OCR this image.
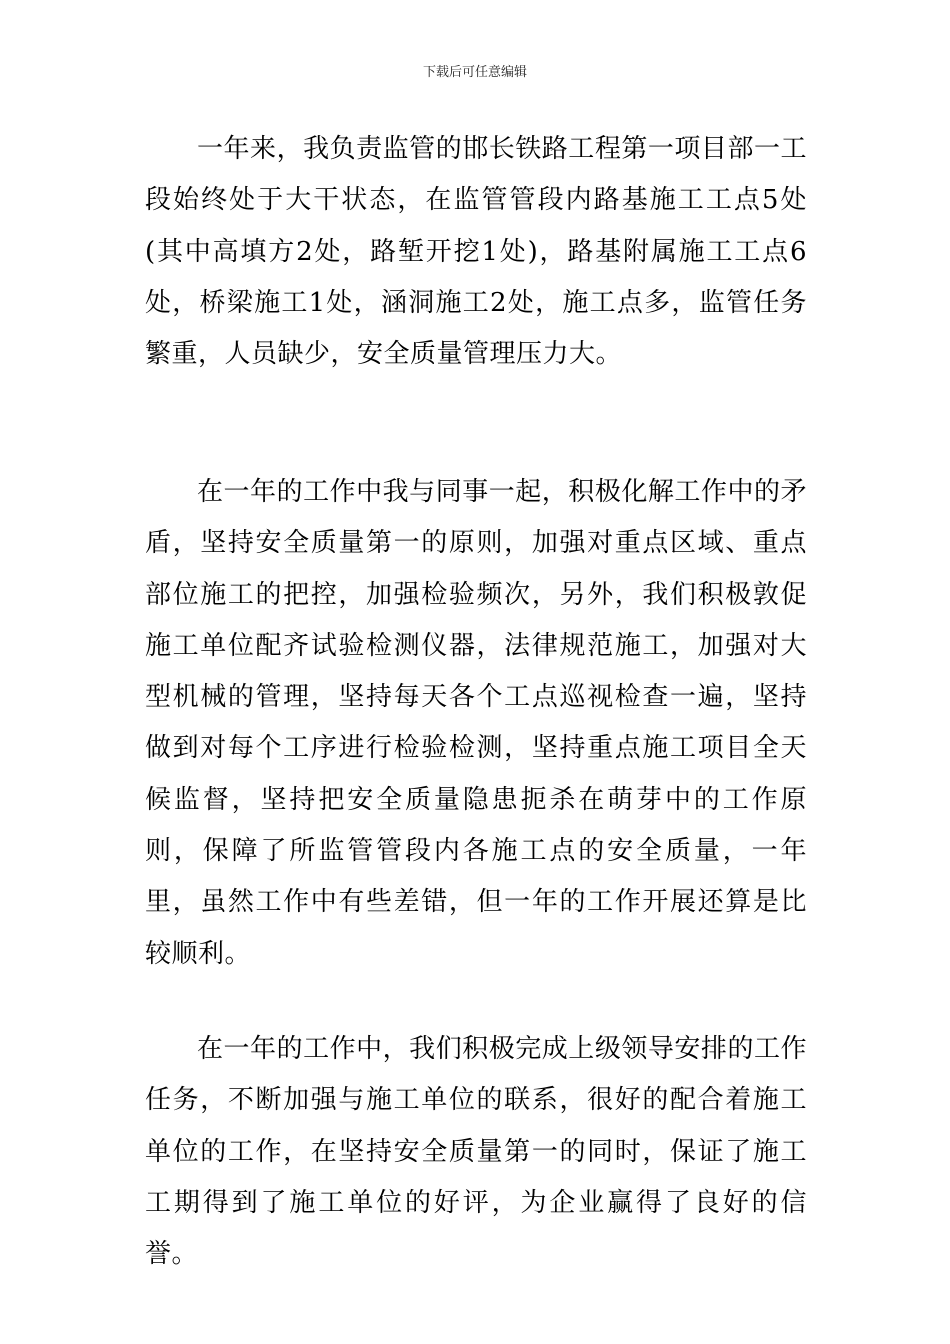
下载后可任意编辑

一年来，我负责监管的邯长铁路工程第一项目部一工段始终处于大干状态，在监管管段内路基施工工点5处(其中高填方2处，路堑开挖1处)，路基附属施工工点6处，桥梁施工1处，涵洞施工2处，施工点多，监管任务繁重，人员缺少，安全质量管理压力大。

在一年的工作中我与同事一起，积极化解工作中的矛盾，坚持安全质量第一的原则，加强对重点区域、重点部位施工的把控，加强检验频次，另外，我们积极敦促施工单位配齐试验检测仪器，法律规范施工，加强对大型机械的管理，坚持每天各个工点巡视检查一遍，坚持做到对每个工序进行检验检测，坚持重点施工项目全天候监督，坚持把安全质量隐患扼杀在萌芽中的工作原则，保障了所监管管段内各施工点的安全质量，一年里，虽然工作中有些差错，但一年的工作开展还算是比较顺利。

在一年的工作中，我们积极完成上级领导安排的工作任务，不断加强与施工单位的联系，很好的配合着施工单位的工作，在坚持安全质量第一的同时，保证了施工工期得到了施工单位的好评，为企业赢得了良好的信誉。
